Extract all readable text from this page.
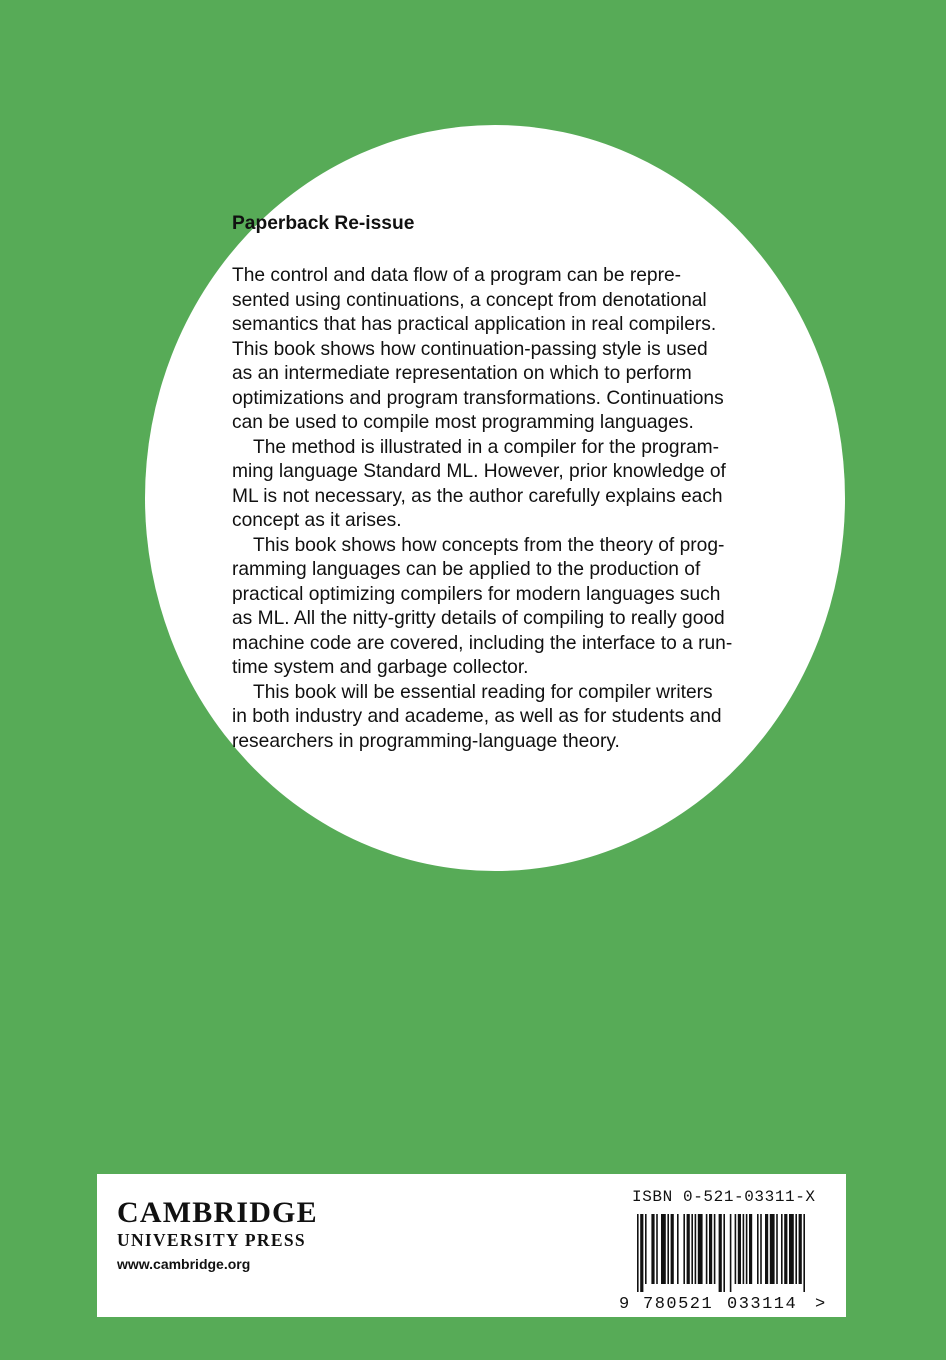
Paperback Re-issue

The control and data flow of a program can be repre-
sented using continuations, a concept from denotational
semantics that has practical application in real compilers.
This book shows how continuation-passing style is used
as an intermediate representation on which to perform
optimizations and program transformations. Continuations
can be used to compile most programming languages.

The method is illustrated in a compiler for the program-
ming language Standard ML. However, prior knowledge of
ML is not necessary, as the author carefully explains each
concept as it arises.

This book shows how concepts from the theory of prog-
ramming languages can be applied to the production of
practical optimizing compilers for modern languages such
as ML. All the nitty-gritty details of compiling to really good
machine code are covered, including the interface to a run-
time system and garbage collector.

This book will be essential reading for compiler writers
in both industry and academe, as well as for students and
researchers in programming-language theory.

CAMBRIDGE
UNIVERSITY PRESS
www.cambridge.org
ISBN 0-521-03311-X
9 780521 033114 >
